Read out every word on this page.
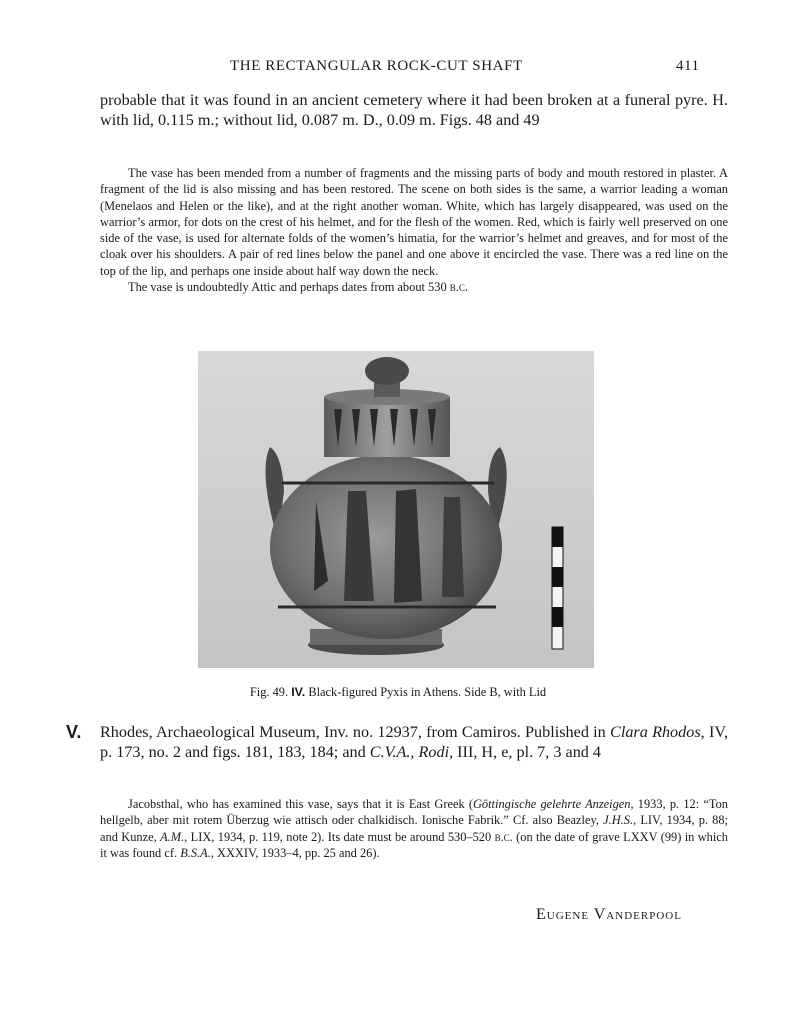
THE RECTANGULAR ROCK-CUT SHAFT	411

probable that it was found in an ancient cemetery where it had been broken at a funeral pyre. H. with lid, 0.115 m.; without lid, 0.087 m. D., 0.09 m. Figs. 48 and 49

The vase has been mended from a number of fragments and the missing parts of body and mouth restored in plaster. A fragment of the lid is also missing and has been restored. The scene on both sides is the same, a warrior leading a woman (Menelaos and Helen or the like), and at the right another woman. White, which has largely disappeared, was used on the warrior’s armor, for dots on the crest of his helmet, and for the flesh of the women. Red, which is fairly well preserved on one side of the vase, is used for alternate folds of the women’s himatia, for the warrior’s helmet and greaves, and for most of the cloak over his shoulders. A pair of red lines below the panel and one above it encircled the vase. There was a red line on the top of the lip, and perhaps one inside about half way down the neck.

The vase is undoubtedly Attic and perhaps dates from about 530 b.c.

Fig. 49. IV. Black-figured Pyxis in Athens. Side B, with Lid
V. Rhodes, Archaeological Museum, Inv. no. 12937, from Camiros. Published in Clara Rhodos, IV, p. 173, no. 2 and figs. 181, 183, 184; and C.V.A., Rodi, III, H, e, pl. 7, 3 and 4

Jacobsthal, who has examined this vase, says that it is East Greek (Göttingische gelehrte Anzeigen, 1933, p. 12: “Ton hellgelb, aber mit rotem Überzug wie attisch oder chalkidisch. Ionische Fabrik.” Cf. also Beazley, J.H.S., LIV, 1934, p. 88; and Kunze, A.M., LIX, 1934, p. 119, note 2). Its date must be around 530–520 b.c. (on the date of grave LXXV (99) in which it was found cf. B.S.A., XXXIV, 1933–4, pp. 25 and 26).

Eugene Vanderpool
